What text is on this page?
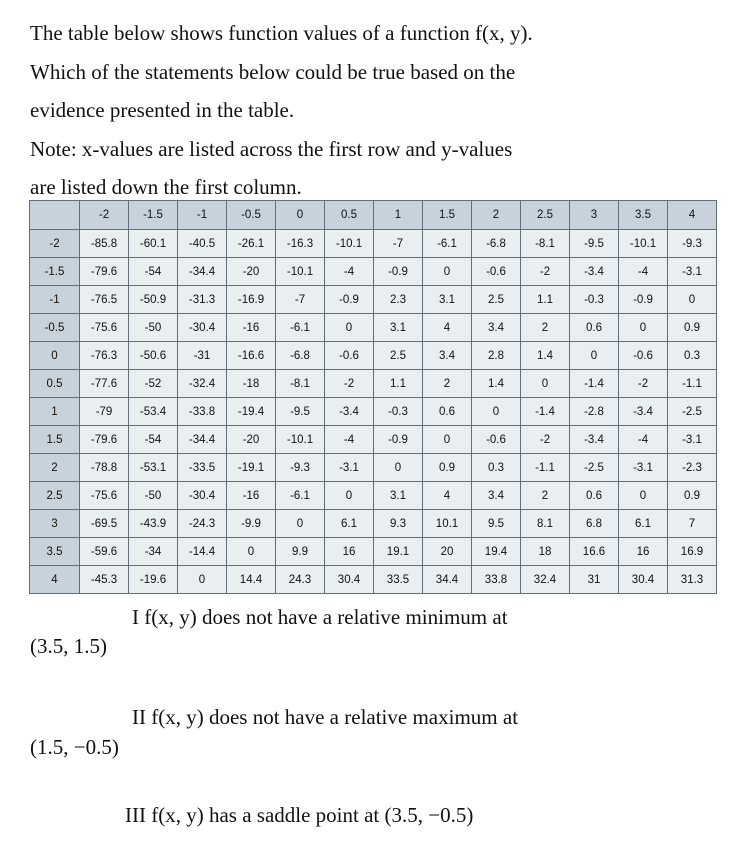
The table below shows function values of a function f(x, y).

Which of the statements below could be true based on the

evidence presented in the table.

Note: x-values are listed across the first row and y-values

are listed down the first column.

	-2	-1.5	-1	-0.5	0	0.5	1	1.5	2	2.5	3	3.5	4
-2	-85.8	-60.1	-40.5	-26.1	-16.3	-10.1	-7	-6.1	-6.8	-8.1	-9.5	-10.1	-9.3
-1.5	-79.6	-54	-34.4	-20	-10.1	-4	-0.9	0	-0.6	-2	-3.4	-4	-3.1
-1	-76.5	-50.9	-31.3	-16.9	-7	-0.9	2.3	3.1	2.5	1.1	-0.3	-0.9	0
-0.5	-75.6	-50	-30.4	-16	-6.1	0	3.1	4	3.4	2	0.6	0	0.9
0	-76.3	-50.6	-31	-16.6	-6.8	-0.6	2.5	3.4	2.8	1.4	0	-0.6	0.3
0.5	-77.6	-52	-32.4	-18	-8.1	-2	1.1	2	1.4	0	-1.4	-2	-1.1
1	-79	-53.4	-33.8	-19.4	-9.5	-3.4	-0.3	0.6	0	-1.4	-2.8	-3.4	-2.5
1.5	-79.6	-54	-34.4	-20	-10.1	-4	-0.9	0	-0.6	-2	-3.4	-4	-3.1
2	-78.8	-53.1	-33.5	-19.1	-9.3	-3.1	0	0.9	0.3	-1.1	-2.5	-3.1	-2.3
2.5	-75.6	-50	-30.4	-16	-6.1	0	3.1	4	3.4	2	0.6	0	0.9
3	-69.5	-43.9	-24.3	-9.9	0	6.1	9.3	10.1	9.5	8.1	6.8	6.1	7
3.5	-59.6	-34	-14.4	0	9.9	16	19.1	20	19.4	18	16.6	16	16.9
4	-45.3	-19.6	0	14.4	24.3	30.4	33.5	34.4	33.8	32.4	31	30.4	31.3

I f(x, y) does not have a relative minimum at

(3.5, 1.5)

II f(x, y) does not have a relative maximum at

(1.5, −0.5)

III f(x, y) has a saddle point at (3.5, −0.5)
